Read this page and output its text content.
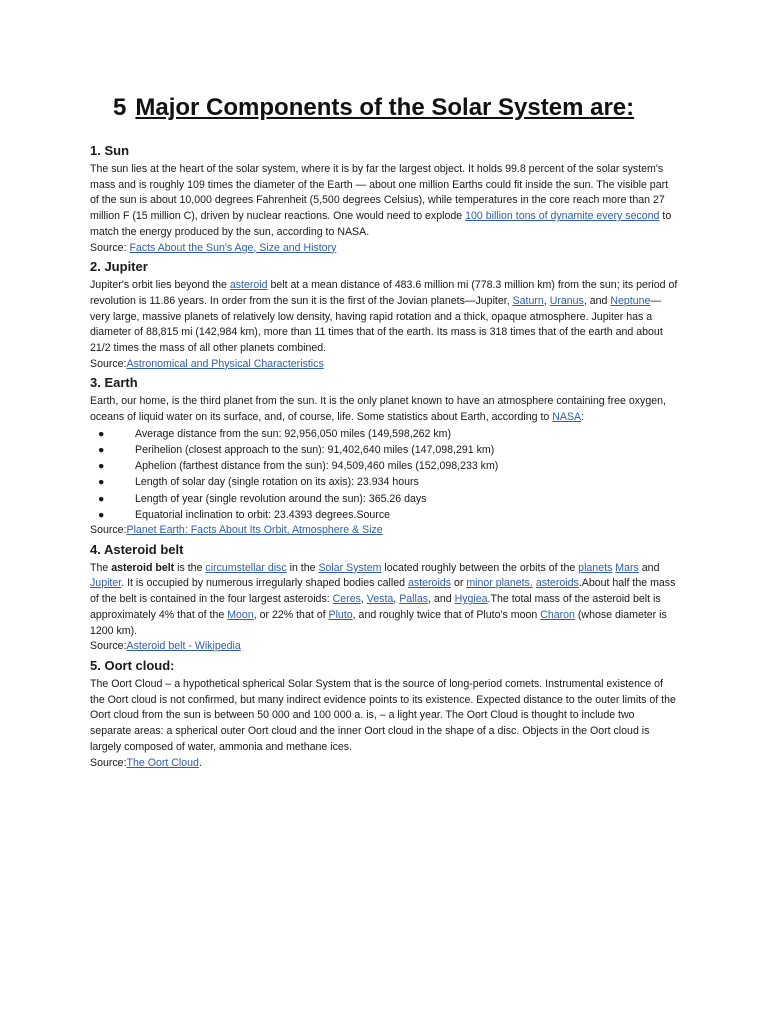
5 Major Components of the Solar System are:
1. Sun
The sun lies at the heart of the solar system, where it is by far the largest object. It holds 99.8 percent of the solar system's mass and is roughly 109 times the diameter of the Earth — about one million Earths could fit inside the sun. The visible part of the sun is about 10,000 degrees Fahrenheit (5,500 degrees Celsius), while temperatures in the core reach more than 27 million F (15 million C), driven by nuclear reactions. One would need to explode 100 billion tons of dynamite every second to match the energy produced by the sun, according to NASA.
Source: Facts About the Sun's Age, Size and History
2. Jupiter
Jupiter's orbit lies beyond the asteroid belt at a mean distance of 483.6 million mi (778.3 million km) from the sun; its period of revolution is 11.86 years. In order from the sun it is the first of the Jovian planets—Jupiter, Saturn, Uranus, and Neptune—very large, massive planets of relatively low density, having rapid rotation and a thick, opaque atmosphere. Jupiter has a diameter of 88,815 mi (142,984 km), more than 11 times that of the earth. Its mass is 318 times that of the earth and about 21/2 times the mass of all other planets combined.
Source:Astronomical and Physical Characteristics
3. Earth
Earth, our home, is the third planet from the sun. It is the only planet known to have an atmosphere containing free oxygen, oceans of liquid water on its surface, and, of course, life. Some statistics about Earth, according to NASA:
●	Average distance from the sun: 92,956,050 miles (149,598,262 km)
●	Perihelion (closest approach to the sun): 91,402,640 miles (147,098,291 km)
●	Aphelion (farthest distance from the sun): 94,509,460 miles (152,098,233 km)
●	Length of solar day (single rotation on its axis): 23.934 hours
●	Length of year (single revolution around the sun): 365.26 days
●	Equatorial inclination to orbit: 23.4393 degrees.Source
Source:Planet Earth: Facts About Its Orbit, Atmosphere & Size
4. Asteroid belt
The asteroid belt is the circumstellar disc in the Solar System located roughly between the orbits of the planets Mars and Jupiter. It is occupied by numerous irregularly shaped bodies called asteroids or minor planets. asteroids.About half the mass of the belt is contained in the four largest asteroids: Ceres, Vesta, Pallas, and Hygiea.The total mass of the asteroid belt is approximately 4% that of the Moon, or 22% that of Pluto, and roughly twice that of Pluto's moon Charon (whose diameter is 1200 km).
Source:Asteroid belt - Wikipedia
5. Oort cloud:
The Oort Cloud – a hypothetical spherical Solar System that is the source of long-period comets. Instrumental existence of the Oort cloud is not confirmed, but many indirect evidence points to its existence. Expected distance to the outer limits of the Oort cloud from the sun is between 50 000 and 100 000 a. is, – a light year. The Oort Cloud is thought to include two separate areas: a spherical outer Oort cloud and the inner Oort cloud in the shape of a disc. Objects in the Oort cloud is largely composed of water, ammonia and methane ices.
Source:The Oort Cloud.
